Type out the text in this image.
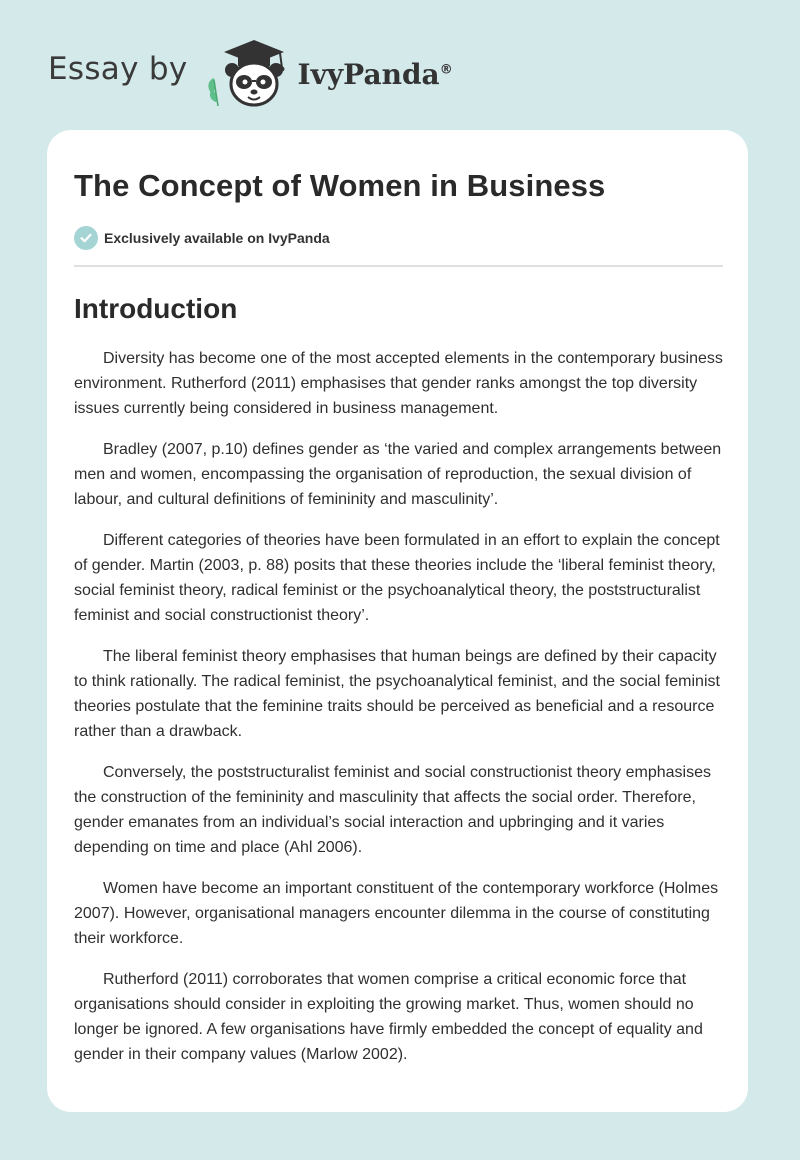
Essay by	IvyPanda®
The Concept of Women in Business
Exclusively available on IvyPanda
Introduction

Diversity has become one of the most accepted elements in the contemporary business environment. Rutherford (2011) emphasises that gender ranks amongst the top diversity issues currently being considered in business management.

Bradley (2007, p.10) defines gender as ‘the varied and complex arrangements between men and women, encompassing the organisation of reproduction, the sexual division of labour, and cultural definitions of femininity and masculinity’.

Different categories of theories have been formulated in an effort to explain the concept of gender. Martin (2003, p. 88) posits that these theories include the ‘liberal feminist theory, social feminist theory, radical feminist or the psychoanalytical theory, the poststructuralist feminist and social constructionist theory’.

The liberal feminist theory emphasises that human beings are defined by their capacity to think rationally. The radical feminist, the psychoanalytical feminist, and the social feminist theories postulate that the feminine traits should be perceived as beneficial and a resource rather than a drawback.

Conversely, the poststructuralist feminist and social constructionist theory emphasises the construction of the femininity and masculinity that affects the social order. Therefore, gender emanates from an individual’s social interaction and upbringing and it varies depending on time and place (Ahl 2006).

Women have become an important constituent of the contemporary workforce (Holmes 2007). However, organisational managers encounter dilemma in the course of constituting their workforce.

Rutherford (2011) corroborates that women comprise a critical economic force that organisations should consider in exploiting the growing market. Thus, women should no longer be ignored. A few organisations have firmly embedded the concept of equality and gender in their company values (Marlow 2002).
